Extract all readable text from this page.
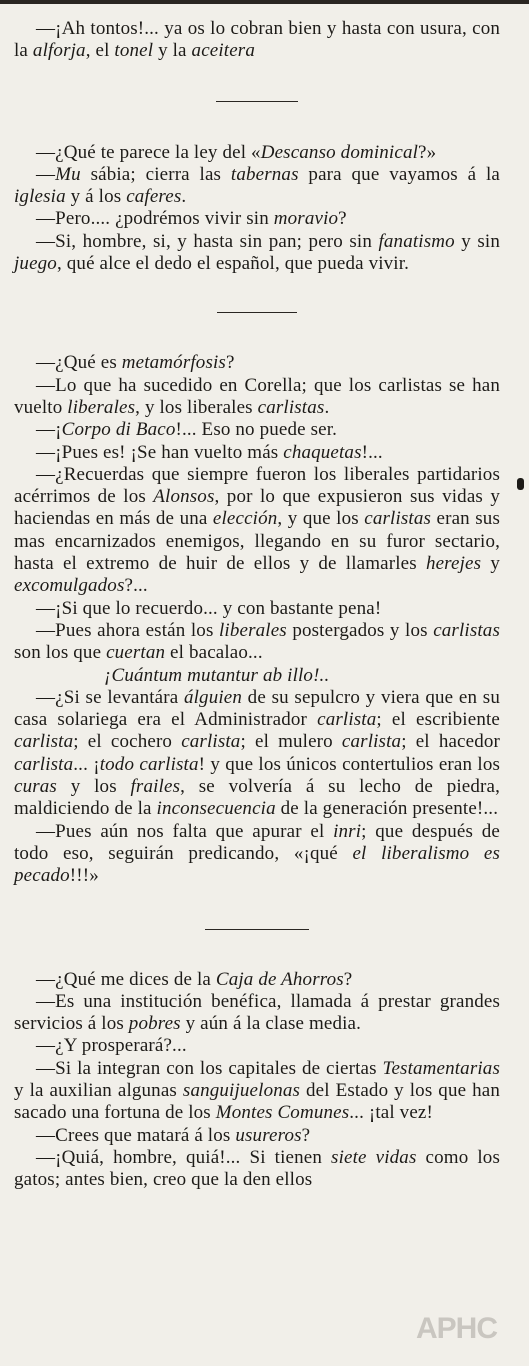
—¡Ah tontos!... ya os lo cobran bien y hasta con usura, con la alforja, el tonel y la aceitera

—¿Qué te parece la ley del «Descanso dominical?»

—Mu sábia; cierra las tabernas para que vayamos á la iglesia y á los caferes.

—Pero.... ¿podrémos vivir sin moravio?

—Si, hombre, si, y hasta sin pan; pero sin fanatismo y sin juego, qué alce el dedo el español, que pueda vivir.

—¿Qué es metamórfosis?

—Lo que ha sucedido en Corella; que los carlistas se han vuelto liberales, y los liberales carlistas.

—¡Corpo di Baco!... Eso no puede ser.

—¡Pues es! ¡Se han vuelto más chaquetas!...

—¿Recuerdas que siempre fueron los liberales partidarios acérrimos de los Alonsos, por lo que expusieron sus vidas y haciendas en más de una elección, y que los carlistas eran sus mas encarnizados enemigos, llegando en su furor sectario, hasta el extremo de huir de ellos y de llamarles herejes y excomulgados?...

—¡Si que lo recuerdo... y con bastante pena!

—Pues ahora están los liberales postergados y los carlistas son los que cuertan el bacalao...

¡Cuántum mutantur ab illo!..

—¿Si se levantára álguien de su sepulcro y viera que en su casa solariega era el Administrador carlista; el escribiente carlista; el cochero carlista; el mulero carlista; el hacedor carlista... ¡todo carlista! y que los únicos contertulios eran los curas y los frailes, se volvería á su lecho de piedra, maldiciendo de la inconsecuencia de la generación presente!...

—Pues aún nos falta que apurar el inri; que después de todo eso, seguirán predicando, «¡qué el liberalismo es pecado!!!»

—¿Qué me dices de la Caja de Ahorros?

—Es una institución benéfica, llamada á prestar grandes servicios á los pobres y aún á la clase media.

—¿Y prosperará?...

—Si la integran con los capitales de ciertas Testamentarias y la auxilian algunas sanguijuelonas del Estado y los que han sacado una fortuna de los Montes Comunes... ¡tal vez!

—Crees que matará á los usureros?

—¡Quiá, hombre, quiá!... Si tienen siete vidas como los gatos; antes bien, creo que la den ellos

APHC
